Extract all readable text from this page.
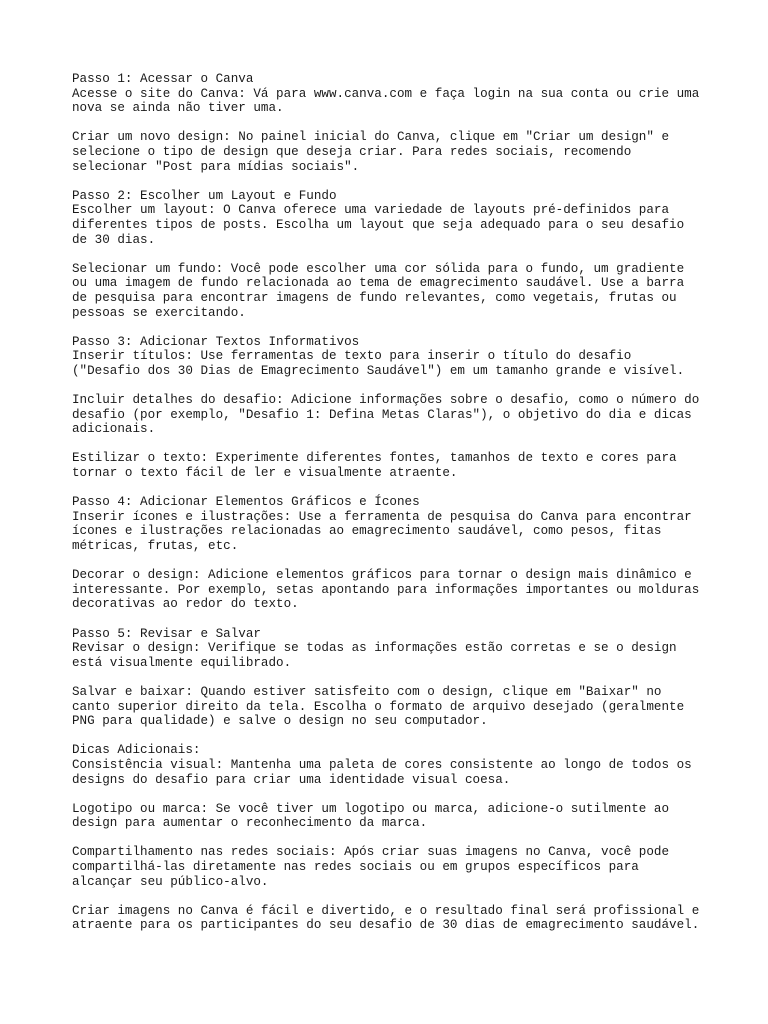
Passo 1: Acessar o Canva
Acesse o site do Canva: Vá para www.canva.com e faça login na sua conta ou crie uma
nova se ainda não tiver uma.
Criar um novo design: No painel inicial do Canva, clique em "Criar um design" e
selecione o tipo de design que deseja criar. Para redes sociais, recomendo
selecionar "Post para mídias sociais".
Passo 2: Escolher um Layout e Fundo
Escolher um layout: O Canva oferece uma variedade de layouts pré-definidos para
diferentes tipos de posts. Escolha um layout que seja adequado para o seu desafio
de 30 dias.
Selecionar um fundo: Você pode escolher uma cor sólida para o fundo, um gradiente
ou uma imagem de fundo relacionada ao tema de emagrecimento saudável. Use a barra
de pesquisa para encontrar imagens de fundo relevantes, como vegetais, frutas ou
pessoas se exercitando.
Passo 3: Adicionar Textos Informativos
Inserir títulos: Use ferramentas de texto para inserir o título do desafio
("Desafio dos 30 Dias de Emagrecimento Saudável") em um tamanho grande e visível.
Incluir detalhes do desafio: Adicione informações sobre o desafio, como o número do
desafio (por exemplo, "Desafio 1: Defina Metas Claras"), o objetivo do dia e dicas
adicionais.
Estilizar o texto: Experimente diferentes fontes, tamanhos de texto e cores para
tornar o texto fácil de ler e visualmente atraente.
Passo 4: Adicionar Elementos Gráficos e Ícones
Inserir ícones e ilustrações: Use a ferramenta de pesquisa do Canva para encontrar
ícones e ilustrações relacionadas ao emagrecimento saudável, como pesos, fitas
métricas, frutas, etc.
Decorar o design: Adicione elementos gráficos para tornar o design mais dinâmico e
interessante. Por exemplo, setas apontando para informações importantes ou molduras
decorativas ao redor do texto.
Passo 5: Revisar e Salvar
Revisar o design: Verifique se todas as informações estão corretas e se o design
está visualmente equilibrado.
Salvar e baixar: Quando estiver satisfeito com o design, clique em "Baixar" no
canto superior direito da tela. Escolha o formato de arquivo desejado (geralmente
PNG para qualidade) e salve o design no seu computador.
Dicas Adicionais:
Consistência visual: Mantenha uma paleta de cores consistente ao longo de todos os
designs do desafio para criar uma identidade visual coesa.
Logotipo ou marca: Se você tiver um logotipo ou marca, adicione-o sutilmente ao
design para aumentar o reconhecimento da marca.
Compartilhamento nas redes sociais: Após criar suas imagens no Canva, você pode
compartilhá-las diretamente nas redes sociais ou em grupos específicos para
alcançar seu público-alvo.
Criar imagens no Canva é fácil e divertido, e o resultado final será profissional e
atraente para os participantes do seu desafio de 30 dias de emagrecimento saudável.
